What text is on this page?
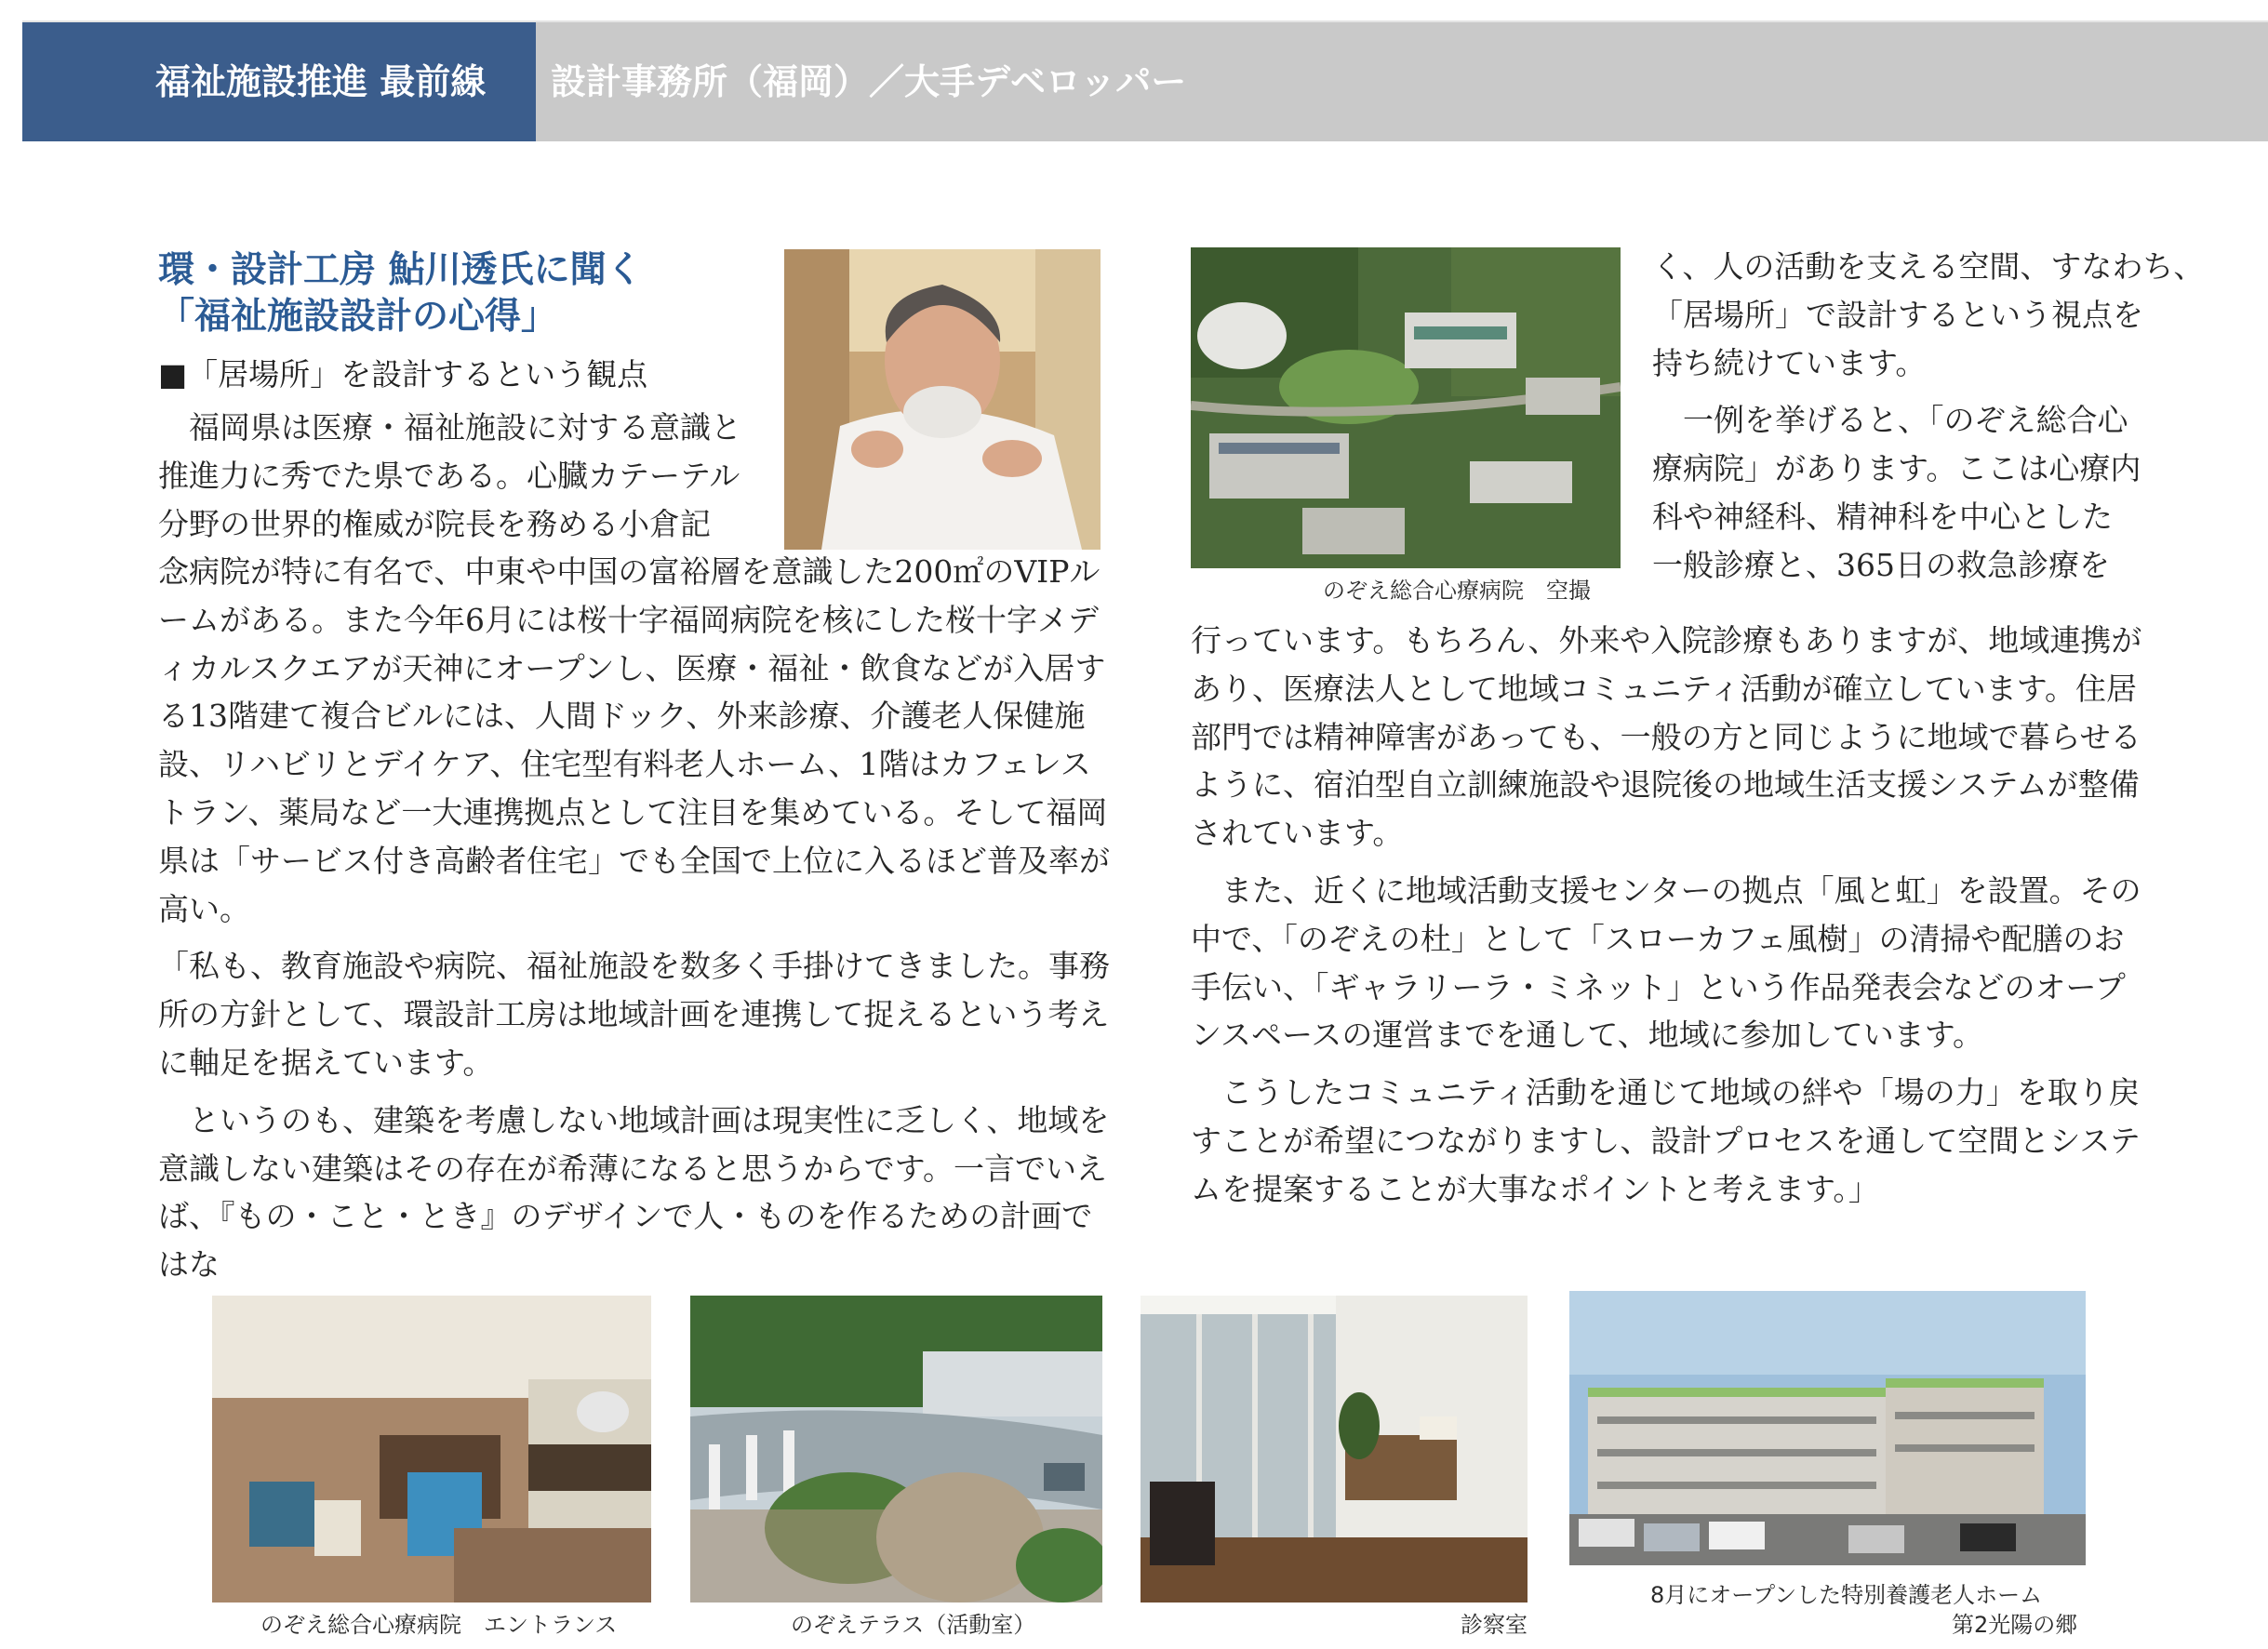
福祉施設推進 最前線 設計事務所（福岡）／大手デベロッパー
環・設計工房 鮎川透氏に聞く
「福祉施設設計の心得」
■「居場所」を設計するという観点
福岡県は医療・福祉施設に対する意識と
推進力に秀でた県である。心臓カテーテル
分野の世界的権威が院長を務める小倉記

念病院が特に有名で、中東や中国の富裕層を意識した200㎡のVIPルームがある。また今年6月には桜十字福岡病院を核にした桜十字メディカルスクエアが天神にオープンし、医療・福祉・飲食などが入居する13階建て複合ビルには、人間ドック、外来診療、介護老人保健施設、リハビリとデイケア、住宅型有料老人ホーム、1階はカフェレストラン、薬局など一大連携拠点として注目を集めている。そして福岡県は「サービス付き高齢者住宅」でも全国で上位に入るほど普及率が高い。

「私も、教育施設や病院、福祉施設を数多く手掛けてきました。事務所の方針として、環設計工房は地域計画を連携して捉えるという考えに軸足を据えています。

というのも、建築を考慮しない地域計画は現実性に乏しく、地域を意識しない建築はその存在が希薄になると思うからです。一言でいえば、『もの・こと・とき』のデザインで人・ものを作るための計画ではな

のぞえ総合心療病院　空撮
く、人の活動を支える空間、すなわち、
「居場所」で設計するという視点を
持ち続けています。
　一例を挙げると、「のぞえ総合心
療病院」があります。ここは心療内
科や神経科、精神科を中心とした
一般診療と、365日の救急診療を

行っています。もちろん、外来や入院診療もありますが、地域連携があり、医療法人として地域コミュニティ活動が確立しています。住居部門では精神障害があっても、一般の方と同じように地域で暮らせるように、宿泊型自立訓練施設や退院後の地域生活支援システムが整備されています。

また、近くに地域活動支援センターの拠点「風と虹」を設置。その中で、「のぞえの杜」として「スローカフェ風樹」の清掃や配膳のお手伝い、「ギャラリーラ・ミネット」という作品発表会などのオープンスペースの運営までを通して、地域に参加しています。

こうしたコミュニティ活動を通じて地域の絆や「場の力」を取り戻すことが希望につながりますし、設計プロセスを通して空間とシステムを提案することが大事なポイントと考えます。」

のぞえ総合心療病院　エントランス	のぞえテラス（活動室）	診察室
8月にオープンした特別養護老人ホーム
第2光陽の郷
